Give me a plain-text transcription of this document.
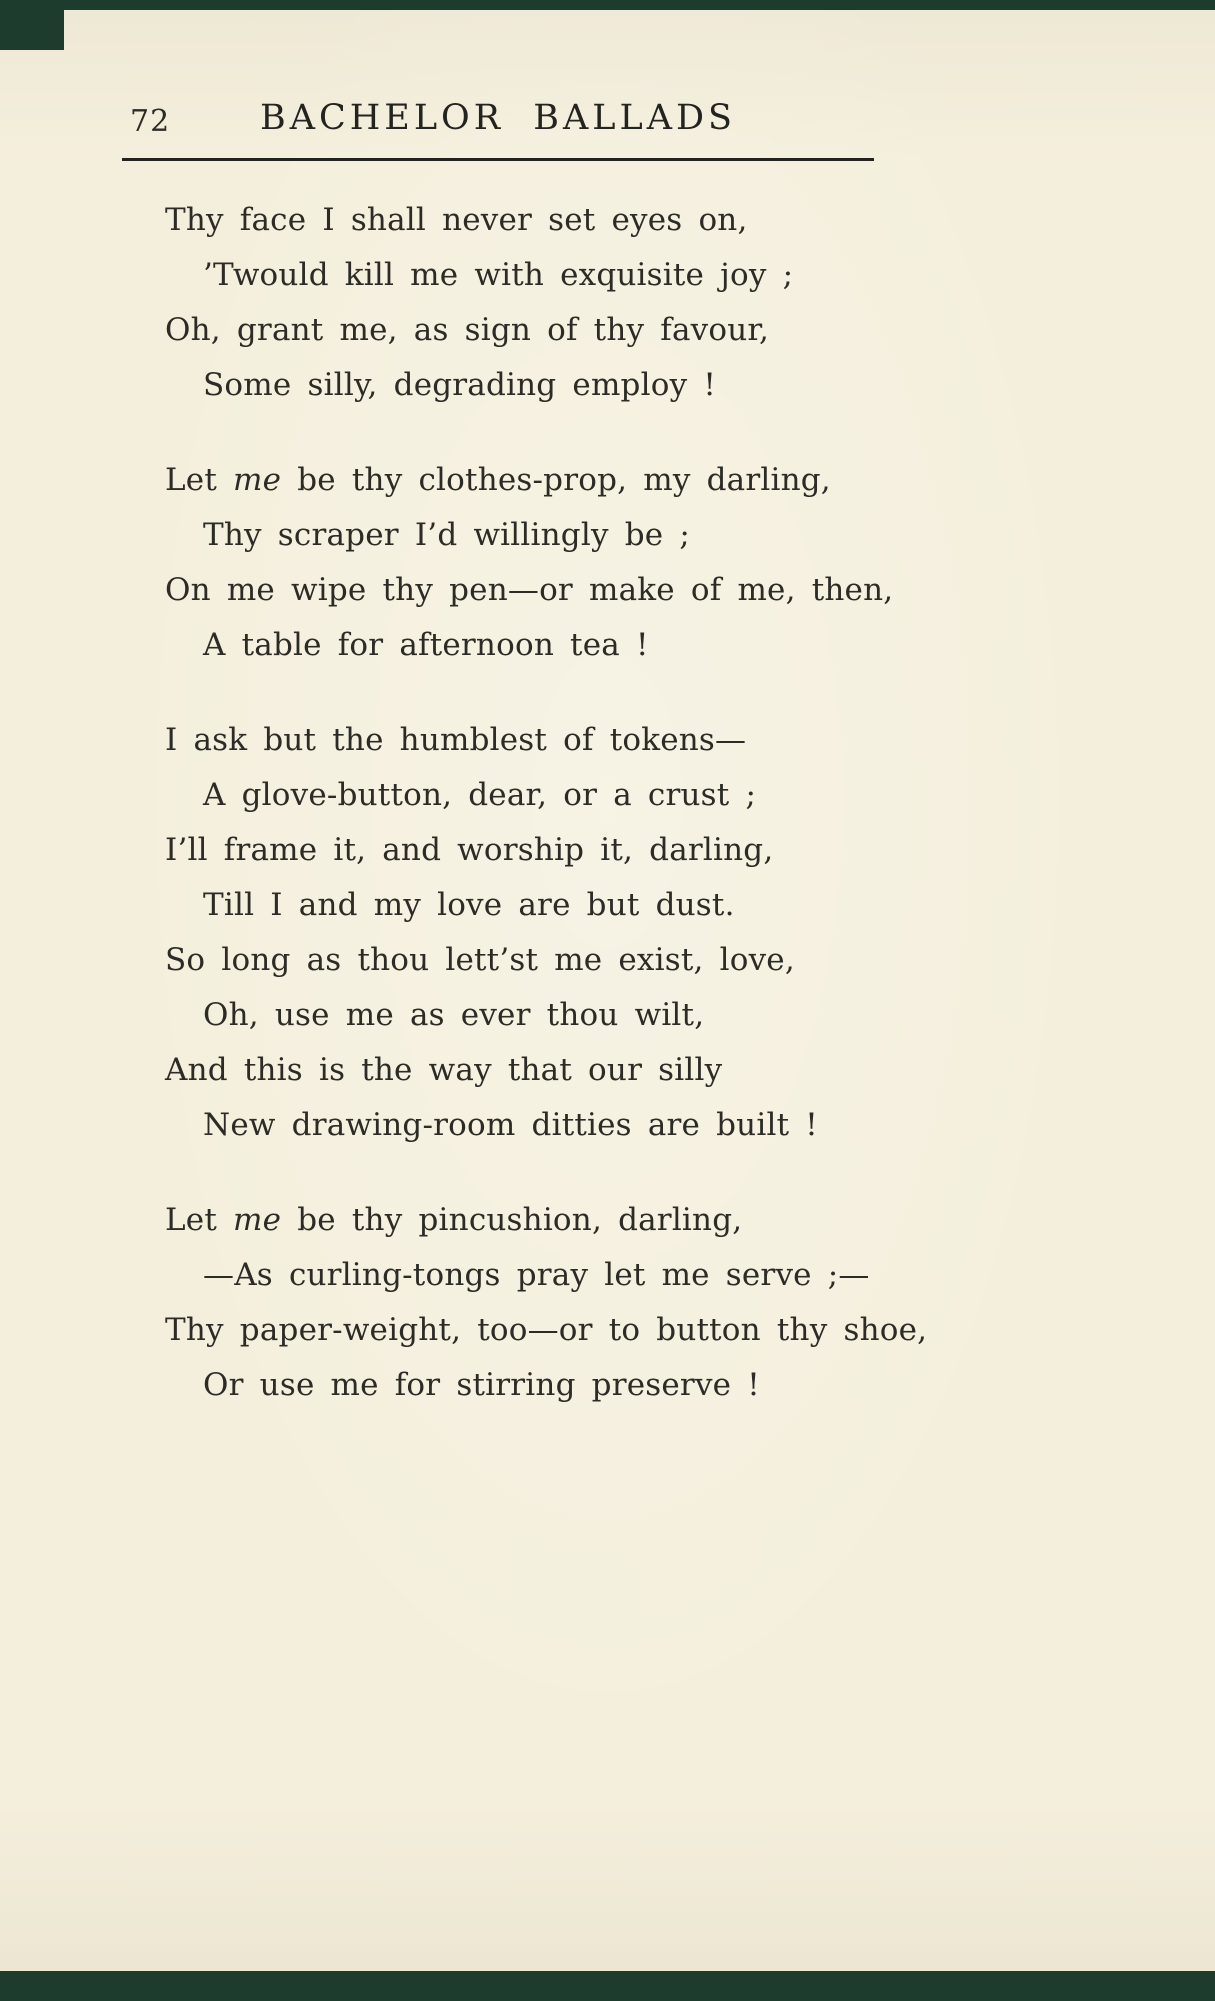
72	BACHELOR BALLADS
Thy face I shall never set eyes on,
’Twould kill me with exquisite joy ;
Oh, grant me, as sign of thy favour,
Some silly, degrading employ !
Let me be thy clothes-prop, my darling,
Thy scraper I’d willingly be ;
On me wipe thy pen—or make of me, then,
A table for afternoon tea !
I ask but the humblest of tokens—
A glove-button, dear, or a crust ;
I’ll frame it, and worship it, darling,
Till I and my love are but dust.
So long as thou lett’st me exist, love,
Oh, use me as ever thou wilt,
And this is the way that our silly
New drawing-room ditties are built !
Let me be thy pincushion, darling,
—As curling-tongs pray let me serve ;—
Thy paper-weight, too—or to button thy shoe,
Or use me for stirring preserve !
